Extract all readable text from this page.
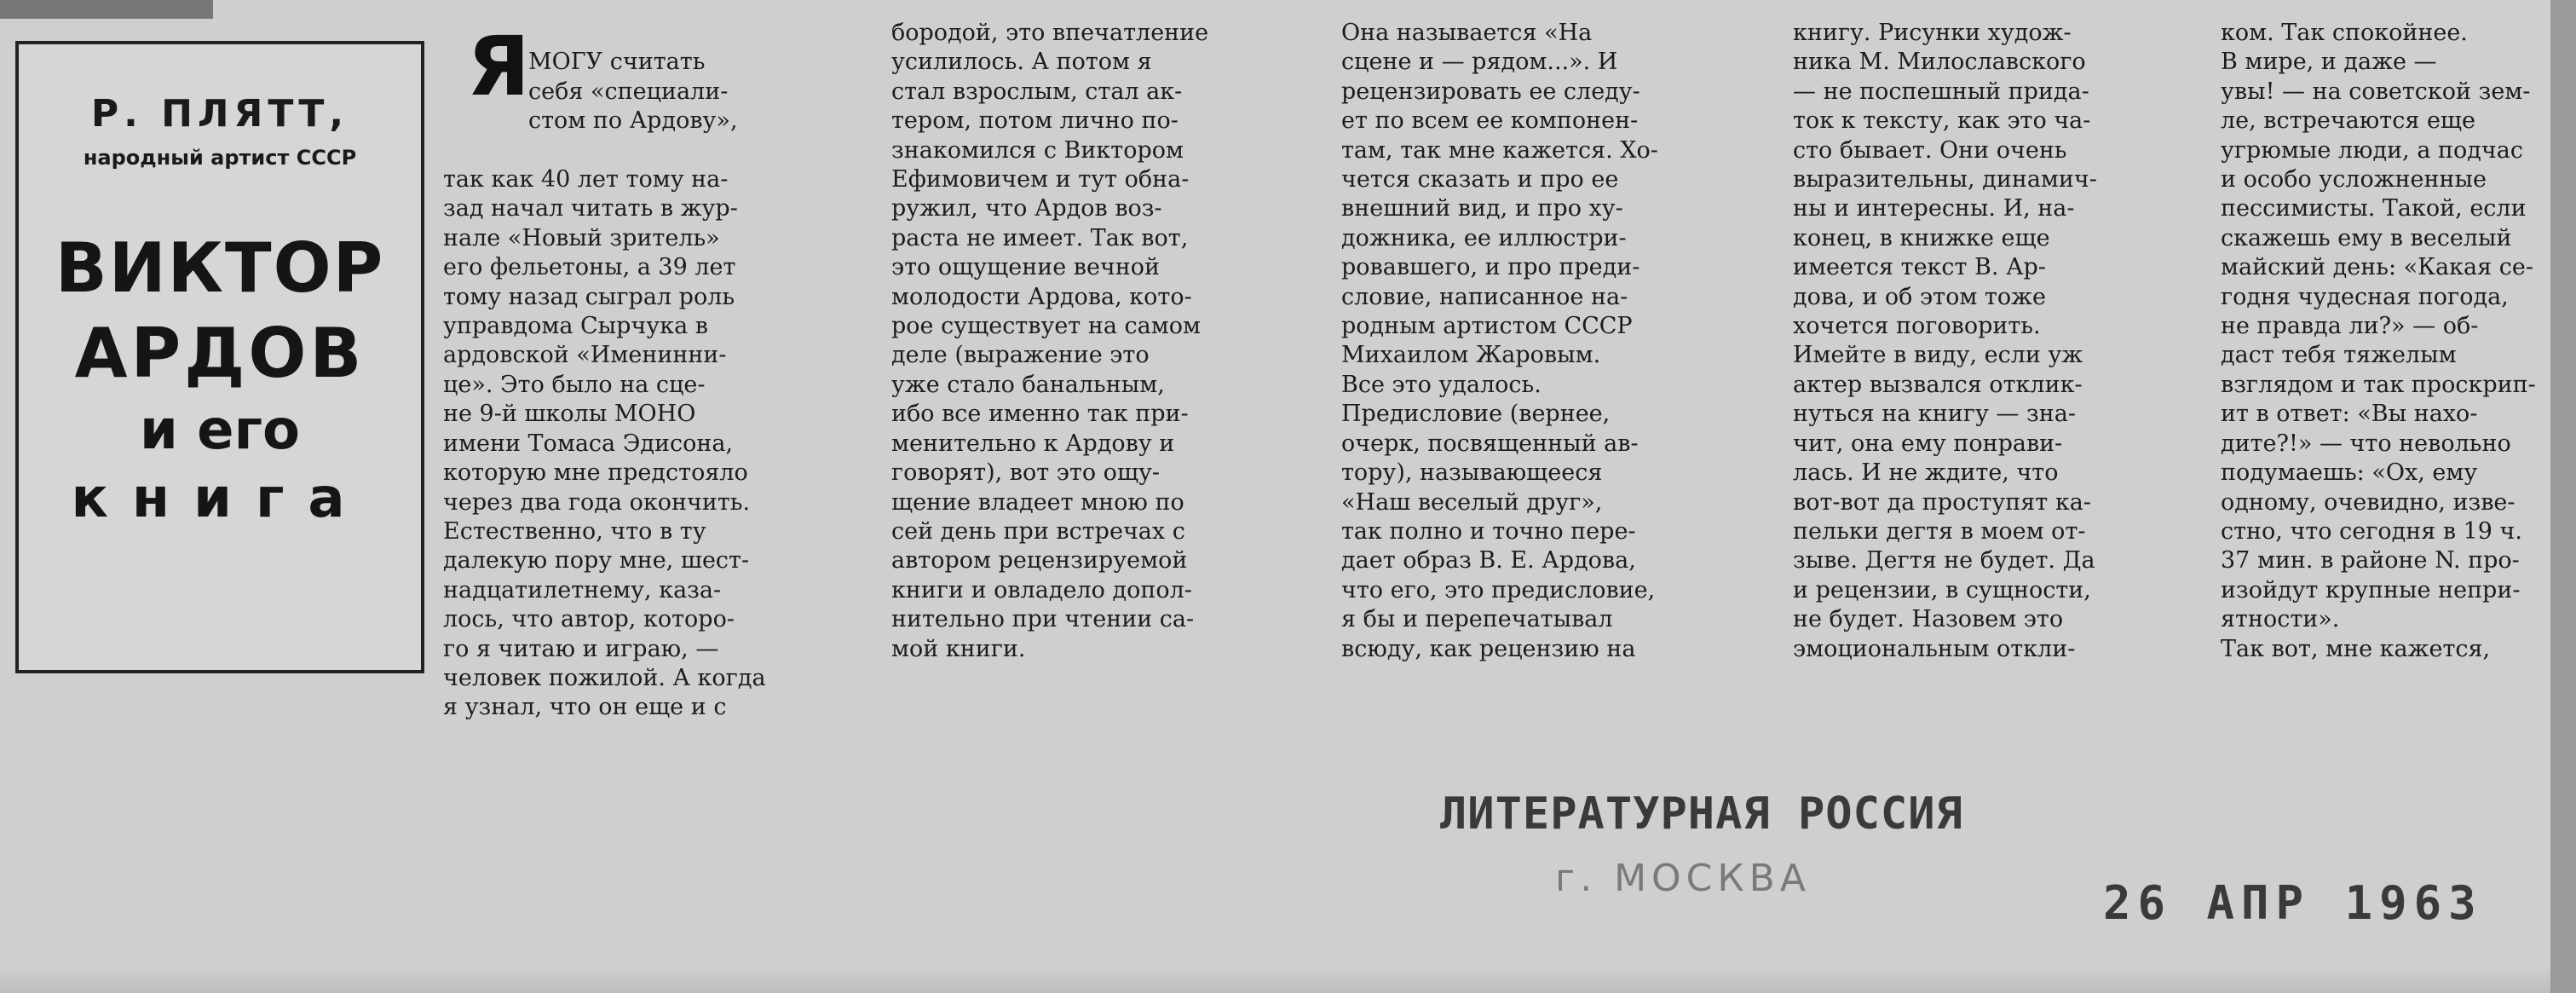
Р. ПЛЯТТ,
народный артист СССР
ВИКТОР
АРДОВ
и его
книга
Я

МОГУ считать
себя «специали-
стом по Ардову»,

так как 40 лет тому на-
зад начал читать в жур-
нале «Новый зритель»
его фельетоны, а 39 лет
тому назад сыграл роль
управдома Сырчука в
ардовской «Именинни-
це». Это было на сце-
не 9-й школы МОНО
имени Томаса Эдисона,
которую мне предстояло
через два года окончить.
Естественно, что в ту
далекую пору мне, шест-
надцатилетнему, каза-
лось, что автор, которо-
го я читаю и играю, —
человек пожилой. А когда
я узнал, что он еще и с

бородой, это впечатление
усилилось. А потом я
стал взрослым, стал ак-
тером, потом лично по-
знакомился с Виктором
Ефимовичем и тут обна-
ружил, что Ардов воз-
раста не имеет. Так вот,
это ощущение вечной
молодости Ардова, кото-
рое существует на самом
деле (выражение это
уже стало банальным,
ибо все именно так при-
менительно к Ардову и
говорят), вот это ощу-
щение владеет мною по
сей день при встречах с
автором рецензируемой
книги и овладело допол-
нительно при чтении са-
мой книги.
Она называется «На
сцене и — рядом...». И
рецензировать ее следу-
ет по всем ее компонен-
там, так мне кажется. Хо-
чется сказать и про ее
внешний вид, и про ху-
дожника, ее иллюстри-
ровавшего, и про преди-
словие, написанное на-
родным артистом СССР
Михаилом Жаровым.
Все это удалось.
Предисловие (вернее,
очерк, посвященный ав-
тору), называющееся
«Наш веселый друг»,
так полно и точно пере-
дает образ В. Е. Ардова,
что его, это предисловие,
я бы и перепечатывал
всюду, как рецензию на
книгу. Рисунки худож-
ника М. Милославского
— не поспешный прида-
ток к тексту, как это ча-
сто бывает. Они очень
выразительны, динамич-
ны и интересны. И, на-
конец, в книжке еще
имеется текст В. Ар-
дова, и об этом тоже
хочется поговорить.
Имейте в виду, если уж
актер вызвался отклик-
нуться на книгу — зна-
чит, она ему понрави-
лась. И не ждите, что
вот-вот да проступят ка-
пельки дегтя в моем от-
зыве. Дегтя не будет. Да
и рецензии, в сущности,
не будет. Назовем это
эмоциональным откли-
ком. Так спокойнее.
В мире, и даже —
увы! — на советской зем-
ле, встречаются еще
угрюмые люди, а подчас
и особо усложненные
пессимисты. Такой, если
скажешь ему в веселый
майский день: «Какая се-
годня чудесная погода,
не правда ли?» — об-
даст тебя тяжелым
взглядом и так проскрип-
ит в ответ: «Вы нахо-
дите?!» — что невольно
подумаешь: «Ох, ему
одному, очевидно, изве-
стно, что сегодня в 19 ч.
37 мин. в районе N. про-
изойдут крупные непри-
ятности».
Так вот, мне кажется,
ЛИТЕРАТУРНАЯ РОССИЯ
г. МОСКВА	26 АПР 1963
